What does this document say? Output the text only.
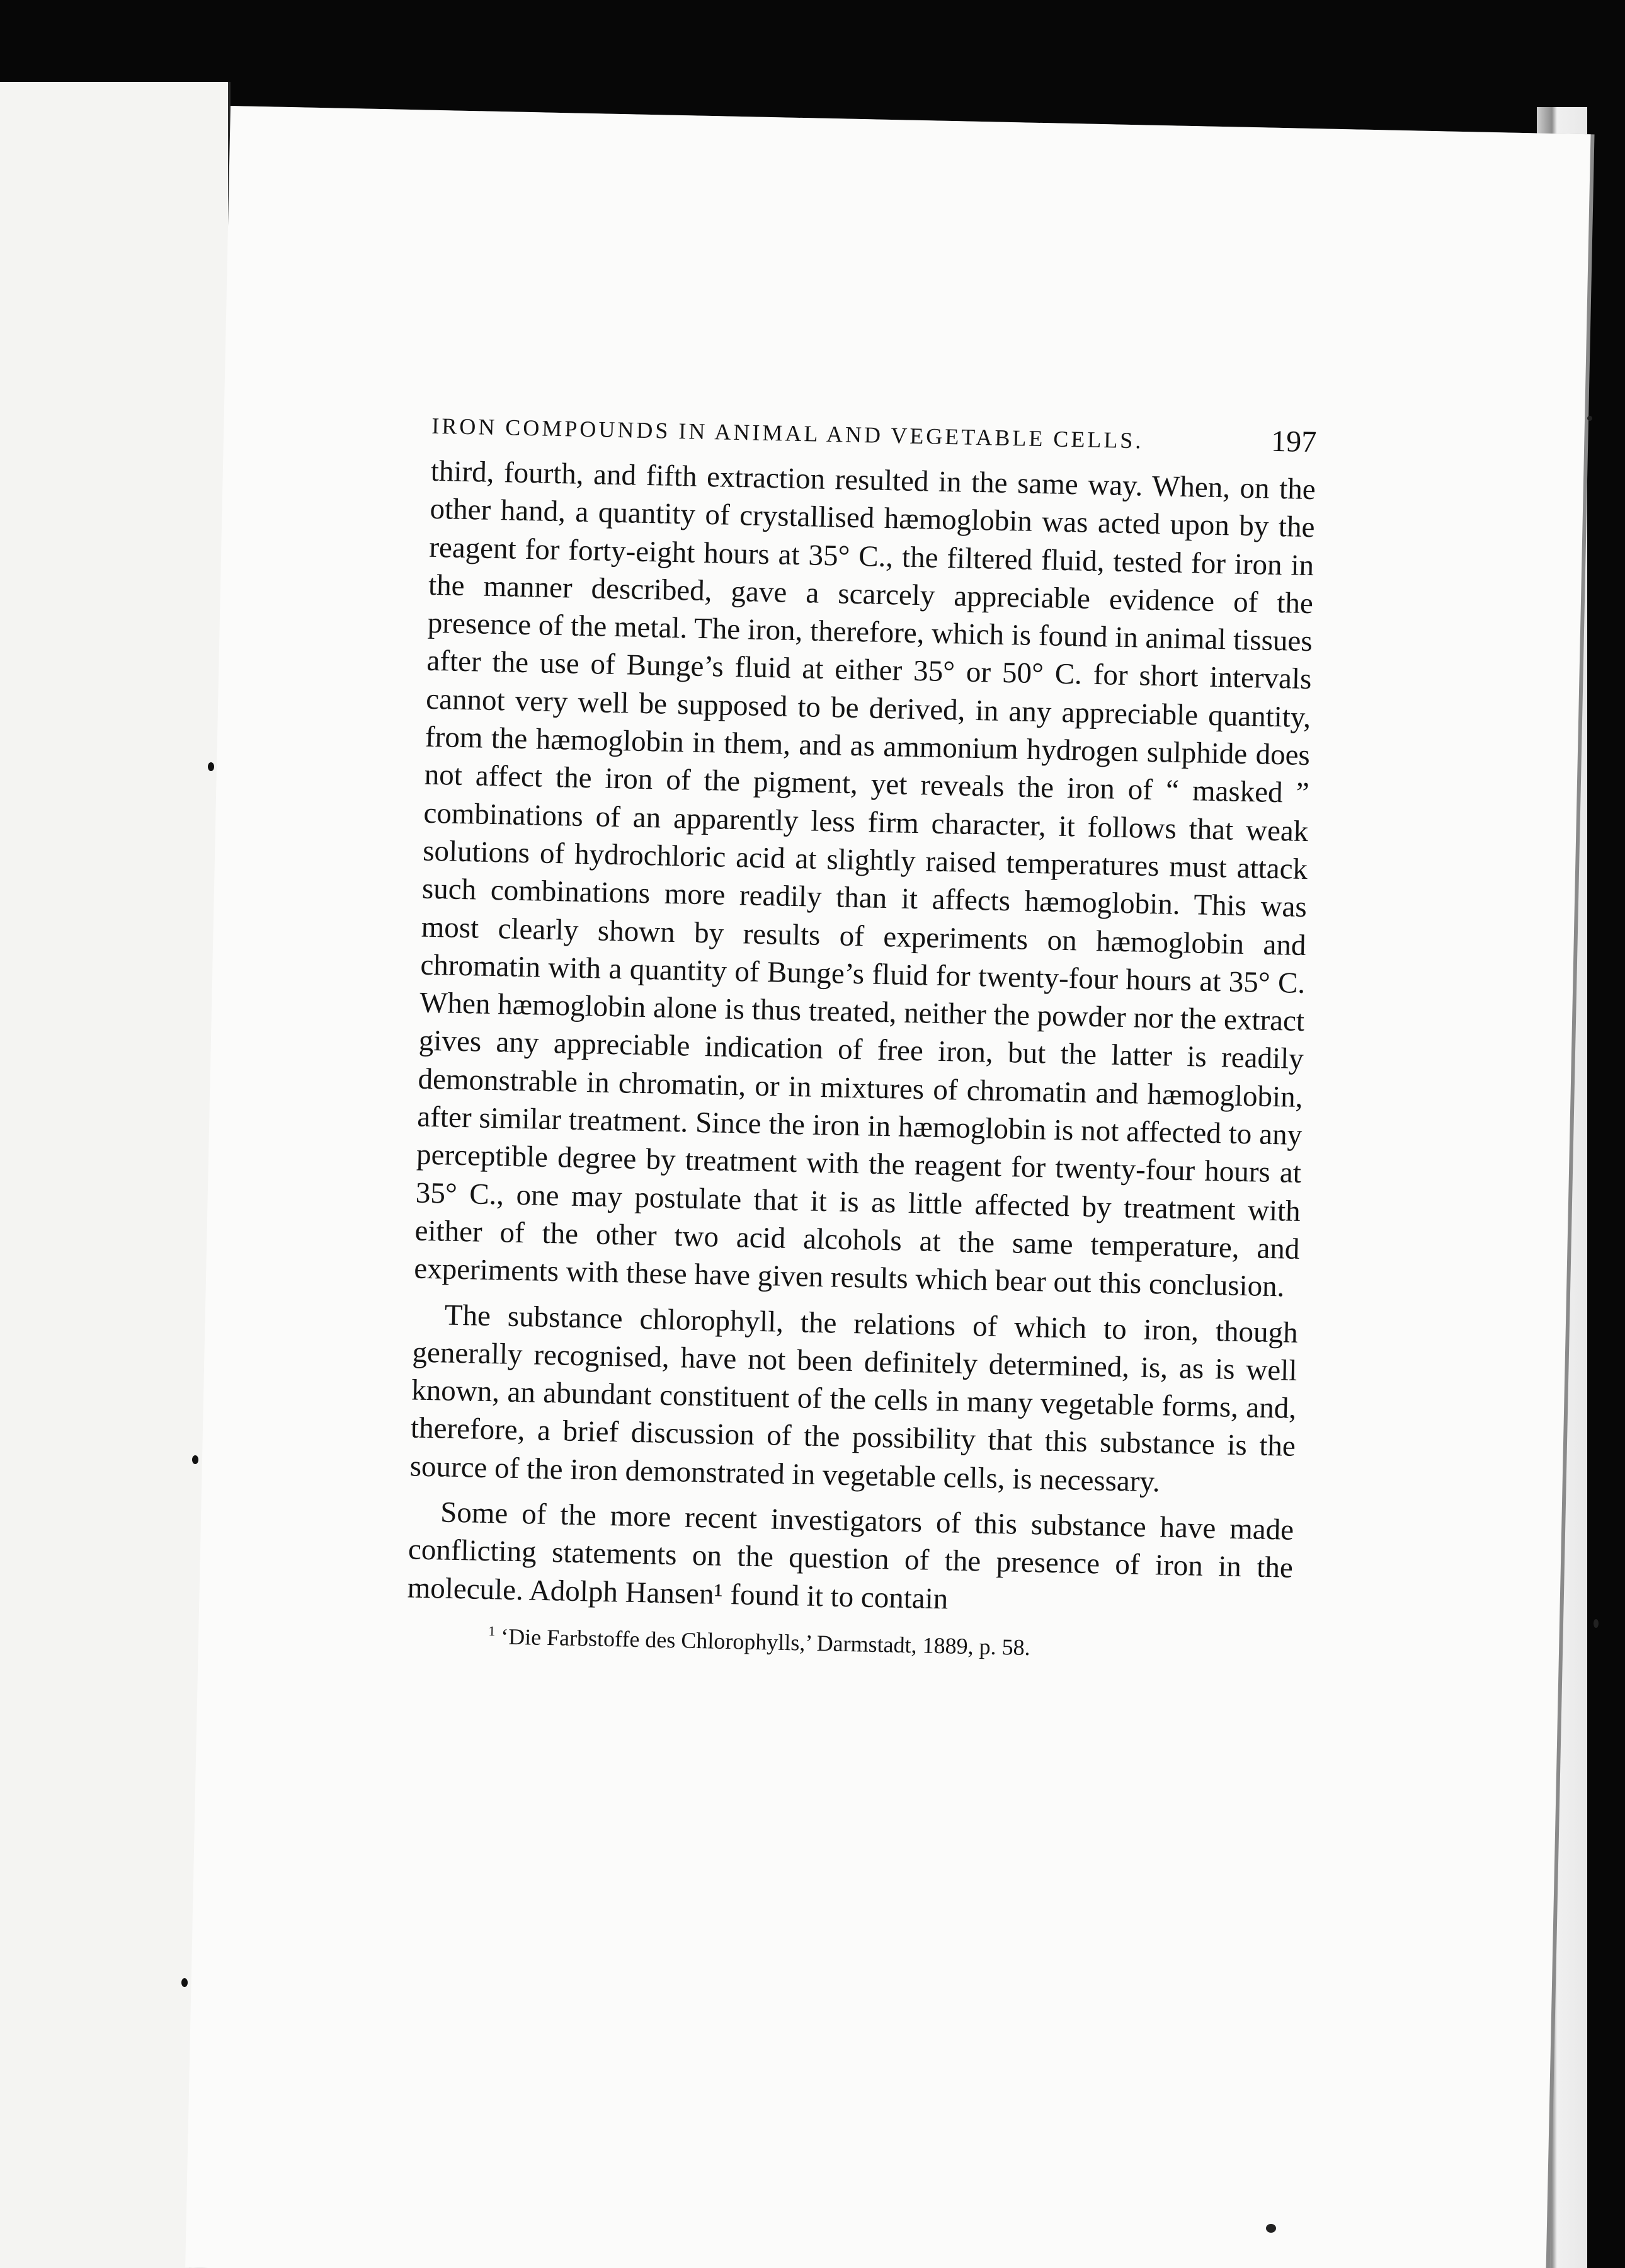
IRON COMPOUNDS IN ANIMAL AND VEGETABLE CELLS.	197

third, fourth, and fifth extraction resulted in the same way. When, on the other hand, a quantity of crystallised hæmoglobin was acted upon by the reagent for forty-eight hours at 35° C., the filtered fluid, tested for iron in the manner described, gave a scarcely appreciable evidence of the presence of the metal. The iron, therefore, which is found in animal tissues after the use of Bunge’s fluid at either 35° or 50° C. for short intervals cannot very well be supposed to be derived, in any appreciable quantity, from the hæmoglobin in them, and as ammonium hydrogen sulphide does not affect the iron of the pigment, yet reveals the iron of “ masked ” combinations of an apparently less firm character, it follows that weak solutions of hydrochloric acid at slightly raised temperatures must attack such combinations more readily than it affects hæmoglobin. This was most clearly shown by results of experiments on hæmoglobin and chromatin with a quantity of Bunge’s fluid for twenty-four hours at 35° C. When hæmoglobin alone is thus treated, neither the powder nor the extract gives any appreciable indication of free iron, but the latter is readily demonstrable in chromatin, or in mixtures of chromatin and hæmoglobin, after similar treatment. Since the iron in hæmoglobin is not affected to any perceptible degree by treatment with the reagent for twenty-four hours at 35° C., one may postulate that it is as little affected by treatment with either of the other two acid alcohols at the same temperature, and experiments with these have given results which bear out this conclusion.

The substance chlorophyll, the relations of which to iron, though generally recognised, have not been definitely determined, is, as is well known, an abundant constituent of the cells in many vegetable forms, and, therefore, a brief discussion of the possibility that this substance is the source of the iron demonstrated in vegetable cells, is necessary.

Some of the more recent investigators of this substance have made conflicting statements on the question of the presence of iron in the molecule. Adolph Hansen¹ found it to contain

$^1$ ‘Die Farbstoffe des Chlorophylls,’ Darmstadt, 1889, p. 58.
